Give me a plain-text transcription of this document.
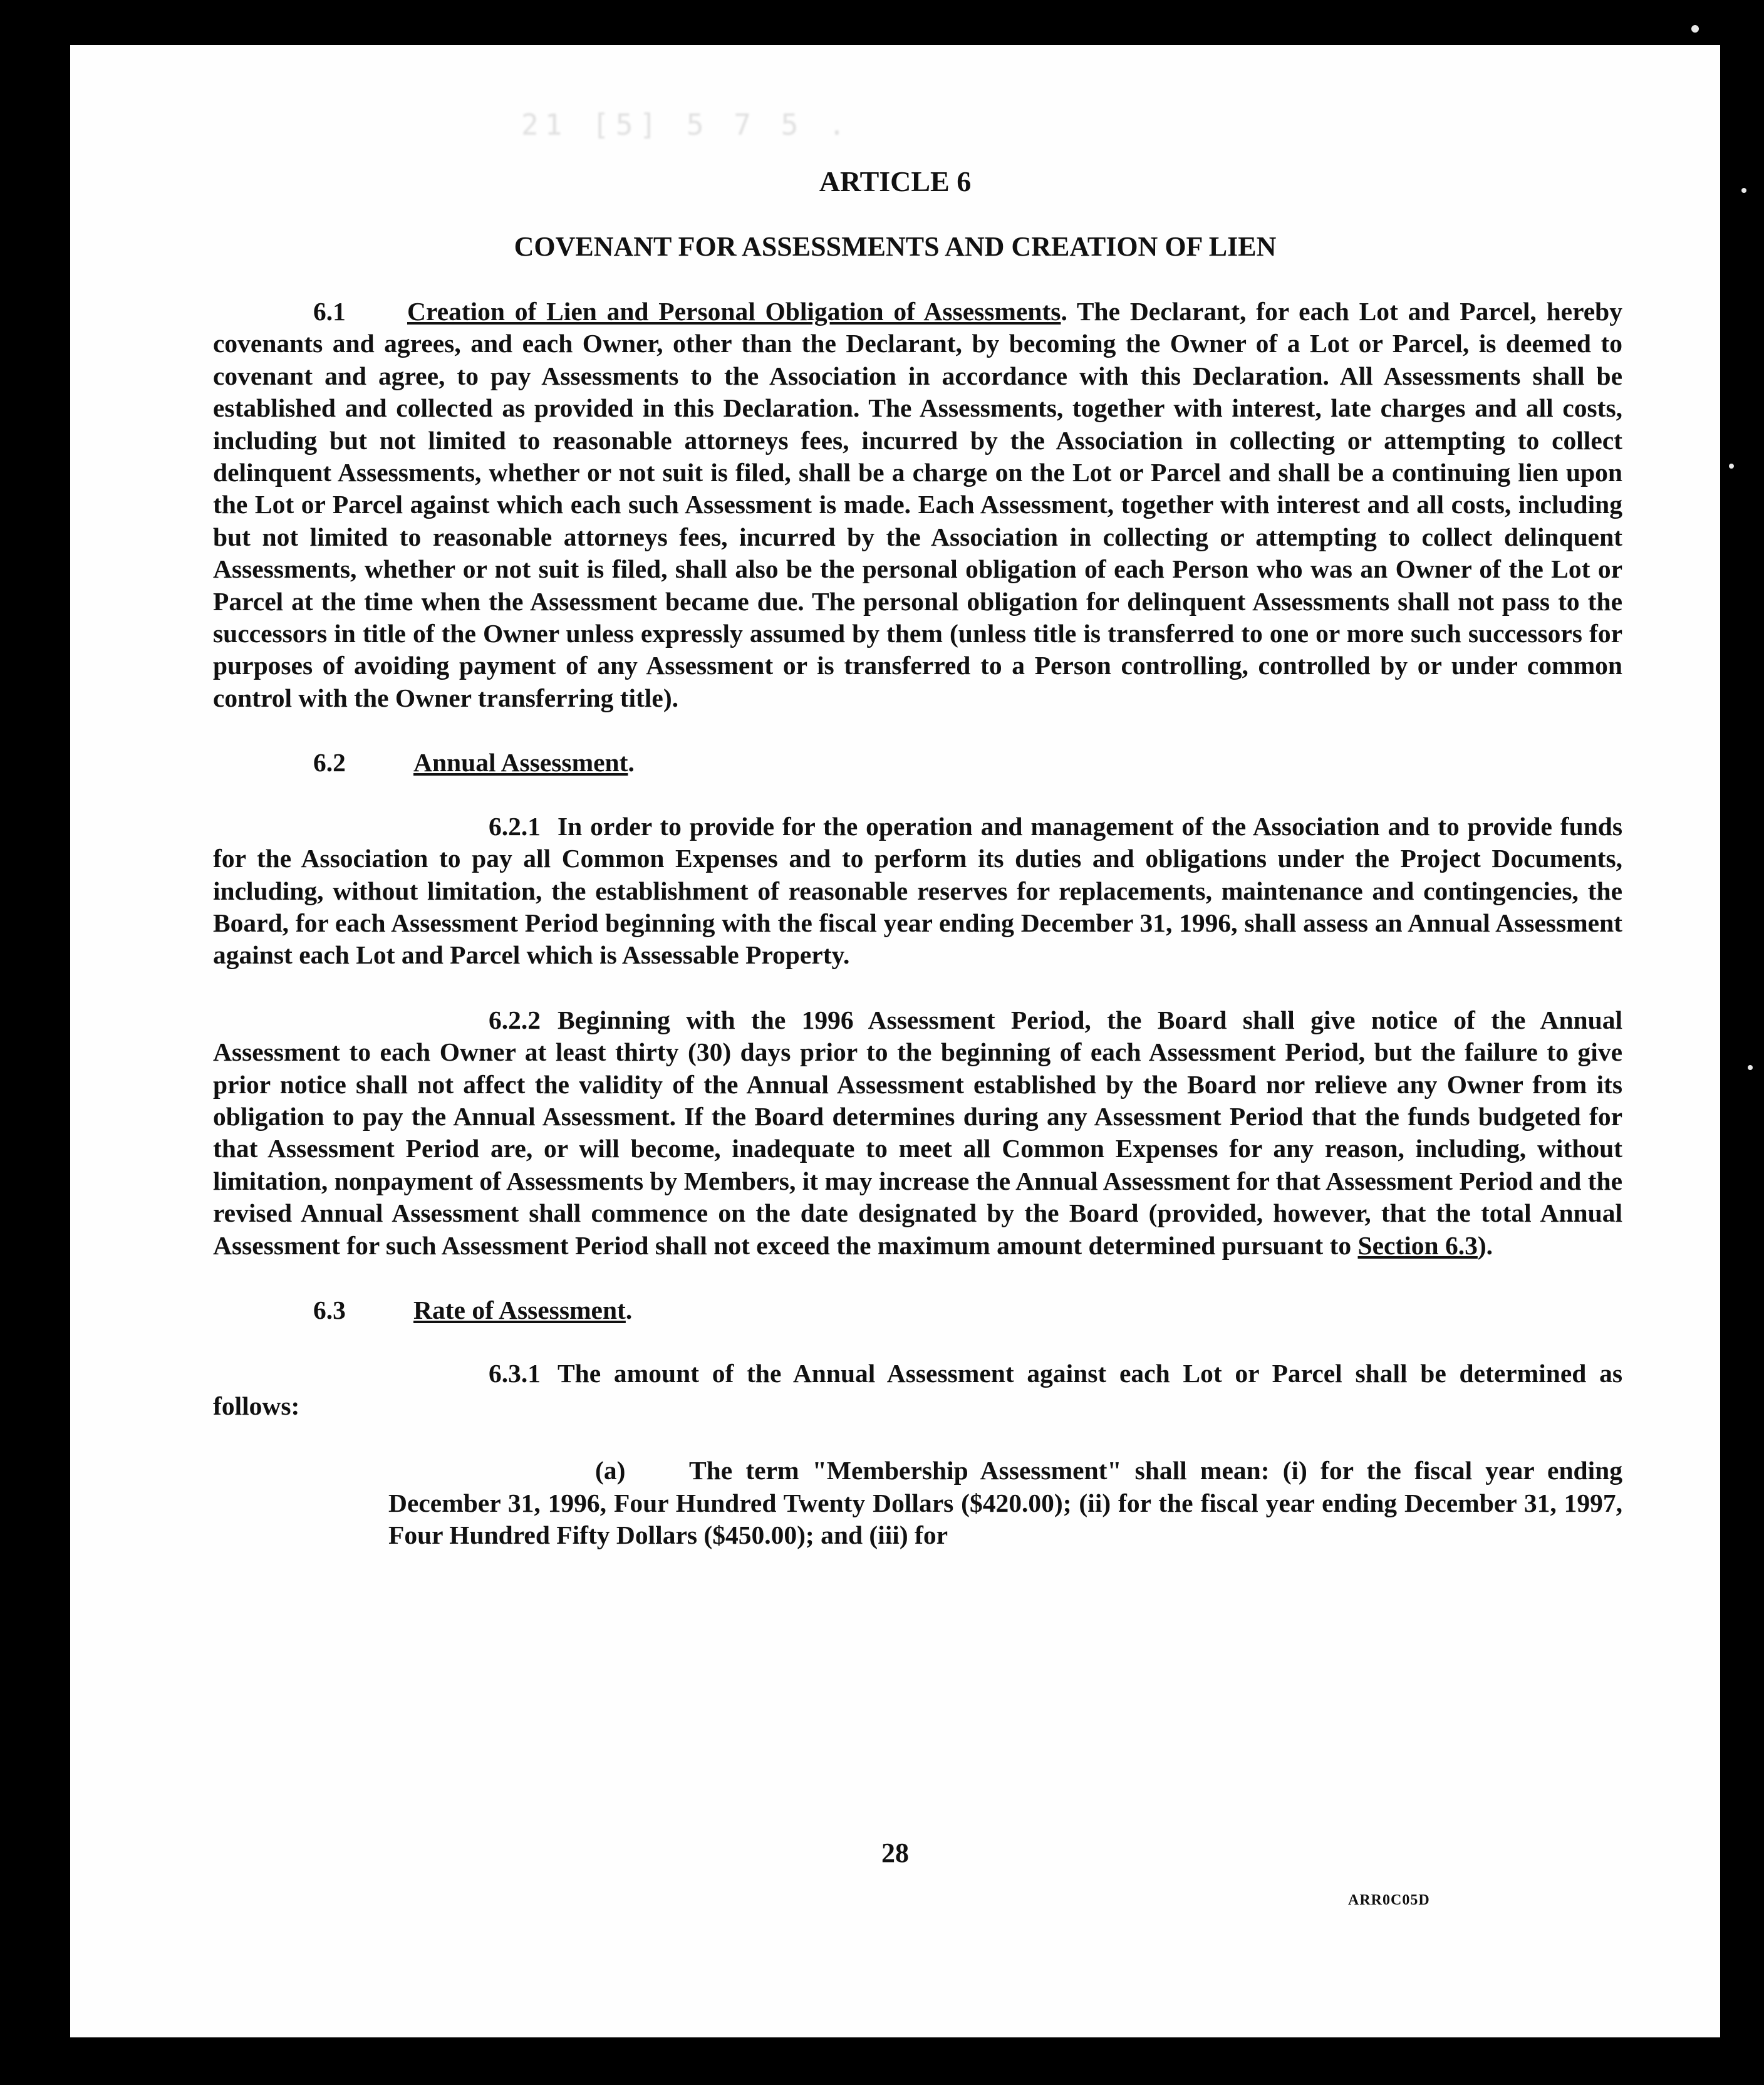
21 [5] 5 7 5 .
ARTICLE 6
COVENANT FOR ASSESSMENTS AND CREATION OF LIEN

6.1 Creation of Lien and Personal Obligation of Assessments. The Declarant, for each Lot and Parcel, hereby covenants and agrees, and each Owner, other than the Declarant, by becoming the Owner of a Lot or Parcel, is deemed to covenant and agree, to pay Assessments to the Association in accordance with this Declaration. All Assessments shall be established and collected as provided in this Declaration. The Assessments, together with interest, late charges and all costs, including but not limited to reasonable attorneys fees, incurred by the Association in collecting or attempting to collect delinquent Assessments, whether or not suit is filed, shall be a charge on the Lot or Parcel and shall be a continuing lien upon the Lot or Parcel against which each such Assessment is made. Each Assessment, together with interest and all costs, including but not limited to reasonable attorneys fees, incurred by the Association in collecting or attempting to collect delinquent Assessments, whether or not suit is filed, shall also be the personal obligation of each Person who was an Owner of the Lot or Parcel at the time when the Assessment became due. The personal obligation for delinquent Assessments shall not pass to the successors in title of the Owner unless expressly assumed by them (unless title is transferred to one or more such successors for purposes of avoiding payment of any Assessment or is transferred to a Person controlling, controlled by or under common control with the Owner transferring title).

6.2	Annual Assessment.

6.2.1 In order to provide for the operation and management of the Association and to provide funds for the Association to pay all Common Expenses and to perform its duties and obligations under the Project Documents, including, without limitation, the establishment of reasonable reserves for replacements, maintenance and contingencies, the Board, for each Assessment Period beginning with the fiscal year ending December 31, 1996, shall assess an Annual Assessment against each Lot and Parcel which is Assessable Property.

6.2.2 Beginning with the 1996 Assessment Period, the Board shall give notice of the Annual Assessment to each Owner at least thirty (30) days prior to the beginning of each Assessment Period, but the failure to give prior notice shall not affect the validity of the Annual Assessment established by the Board nor relieve any Owner from its obligation to pay the Annual Assessment. If the Board determines during any Assessment Period that the funds budgeted for that Assessment Period are, or will become, inadequate to meet all Common Expenses for any reason, including, without limitation, nonpayment of Assessments by Members, it may increase the Annual Assessment for that Assessment Period and the revised Annual Assessment shall commence on the date designated by the Board (provided, however, that the total Annual Assessment for such Assessment Period shall not exceed the maximum amount determined pursuant to Section 6.3).

6.3	Rate of Assessment.

6.3.1 The amount of the Annual Assessment against each Lot or Parcel shall be determined as follows:

(a) The term "Membership Assessment" shall mean: (i) for the fiscal year ending December 31, 1996, Four Hundred Twenty Dollars ($420.00); (ii) for the fiscal year ending December 31, 1997, Four Hundred Fifty Dollars ($450.00); and (iii) for

28
ARR0C05D
